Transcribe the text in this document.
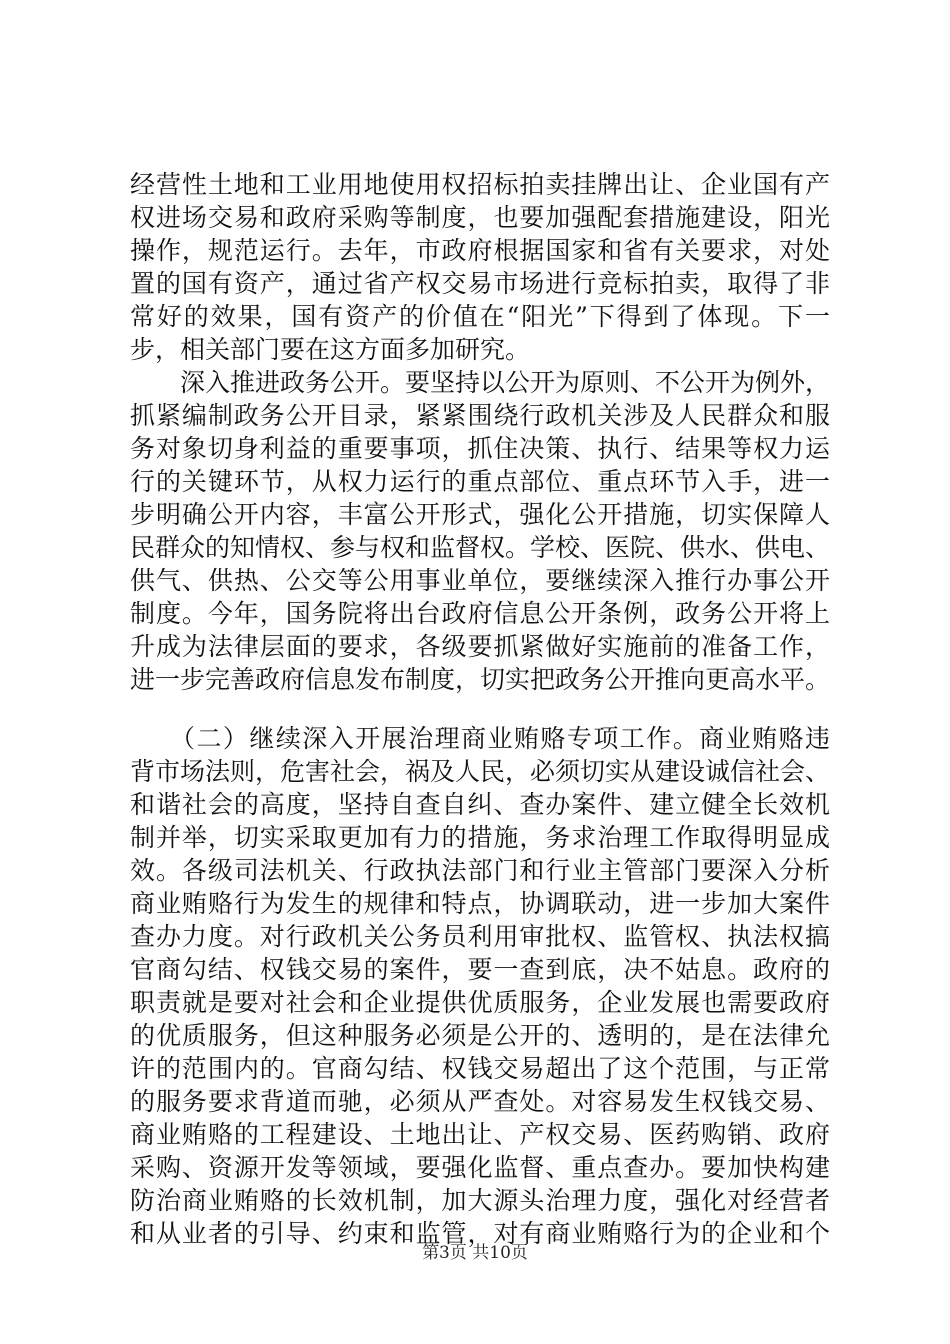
经营性土地和工业用地使用权招标拍卖挂牌出让、企业国有产
权进场交易和政府采购等制度，也要加强配套措施建设，阳光
操作，规范运行。去年，市政府根据国家和省有关要求，对处
置的国有资产，通过省产权交易市场进行竞标拍卖，取得了非
常好的效果，国有资产的价值在“阳光”下得到了体现。下一
步，相关部门要在这方面多加研究。
深入推进政务公开。要坚持以公开为原则、不公开为例外，
抓紧编制政务公开目录，紧紧围绕行政机关涉及人民群众和服
务对象切身利益的重要事项，抓住决策、执行、结果等权力运
行的关键环节，从权力运行的重点部位、重点环节入手，进一
步明确公开内容，丰富公开形式，强化公开措施，切实保障人
民群众的知情权、参与权和监督权。学校、医院、供水、供电、
供气、供热、公交等公用事业单位，要继续深入推行办事公开
制度。今年，国务院将出台政府信息公开条例，政务公开将上
升成为法律层面的要求，各级要抓紧做好实施前的准备工作，
进一步完善政府信息发布制度，切实把政务公开推向更高水平。
（二）继续深入开展治理商业贿赂专项工作。商业贿赂违
背市场法则，危害社会，祸及人民，必须切实从建设诚信社会、
和谐社会的高度，坚持自查自纠、查办案件、建立健全长效机
制并举，切实采取更加有力的措施，务求治理工作取得明显成
效。各级司法机关、行政执法部门和行业主管部门要深入分析
商业贿赂行为发生的规律和特点，协调联动，进一步加大案件
查办力度。对行政机关公务员利用审批权、监管权、执法权搞
官商勾结、权钱交易的案件，要一查到底，决不姑息。政府的
职责就是要对社会和企业提供优质服务，企业发展也需要政府
的优质服务，但这种服务必须是公开的、透明的，是在法律允
许的范围内的。官商勾结、权钱交易超出了这个范围，与正常
的服务要求背道而驰，必须从严查处。对容易发生权钱交易、
商业贿赂的工程建设、土地出让、产权交易、医药购销、政府
采购、资源开发等领域，要强化监督、重点查办。要加快构建
防治商业贿赂的长效机制，加大源头治理力度，强化对经营者
和从业者的引导、约束和监管，对有商业贿赂行为的企业和个
第3页 共10页
